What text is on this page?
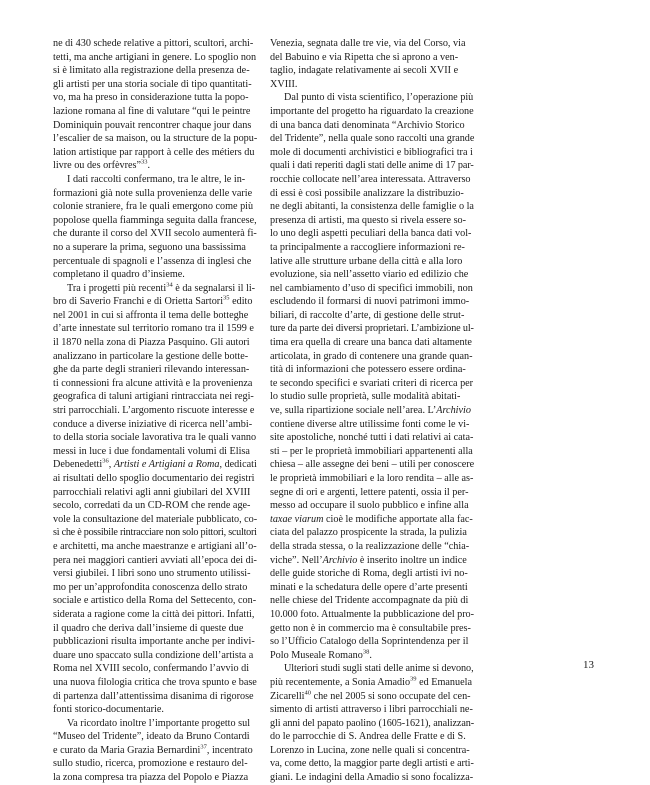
ne di 430 schede relative a pittori, scultori, archi-

tetti, ma anche artigiani in genere. Lo spoglio non

si è limitato alla registrazione della presenza de-

gli artisti per una storia sociale di tipo quantitati-

vo, ma ha preso in considerazione tutta la popo-

lazione romana al fine di valutare “qui le peintre

Dominiquin pouvait rencontrer chaque jour dans

l’escalier de sa maison, ou la structure de la popu-

lation artistique par rapport à celle des métiers du

livre ou des orfèvres”$^{33}$.

I dati raccolti confermano, tra le altre, le in-

formazioni già note sulla provenienza delle varie

colonie straniere, fra le quali emergono come più

popolose quella fiamminga seguita dalla francese,

che durante il corso del XVII secolo aumenterà fi-

no a superare la prima, seguono una bassissima

percentuale di spagnoli e l’assenza di inglesi che

completano il quadro d’insieme.

Tra i progetti più recenti$^{34}$ è da segnalarsi il li-

bro di Saverio Franchi e di Orietta Sartori$^{35}$ edito

nel 2001 in cui si affronta il tema delle botteghe

d’arte innestate sul territorio romano tra il 1599 e

il 1870 nella zona di Piazza Pasquino. Gli autori

analizzano in particolare la gestione delle botte-

ghe da parte degli stranieri rilevando interessan-

ti connessioni fra alcune attività e la provenienza

geografica di taluni artigiani rintracciata nei regi-

stri parrocchiali. L’argomento riscuote interesse e

conduce a diverse iniziative di ricerca nell’ambi-

to della storia sociale lavorativa tra le quali vanno

messi in luce i due fondamentali volumi di Elisa

Debenedetti$^{36}$, Artisti e Artigiani a Roma, dedicati

ai risultati dello spoglio documentario dei registri

parrocchiali relativi agli anni giubilari del XVIII

secolo, corredati da un CD-ROM che rende age-

vole la consultazione del materiale pubblicato, co-

sì che è possibile rintracciare non solo pittori, scultori

e architetti, ma anche maestranze e artigiani all’o-

pera nei maggiori cantieri avviati all’epoca dei di-

versi giubilei. I libri sono uno strumento utilissi-

mo per un’approfondita conoscenza dello strato

sociale e artistico della Roma del Settecento, con-

siderata a ragione come la città dei pittori. Infatti,

il quadro che deriva dall’insieme di queste due

pubblicazioni risulta importante anche per indivi-

duare uno spaccato sulla condizione dell’artista a

Roma nel XVIII secolo, confermando l’avvio di

una nuova filologia critica che trova spunto e base

di partenza dall’attentissima disanima di rigorose

fonti storico-documentarie.

Va ricordato inoltre l’importante progetto sul

“Museo del Tridente”, ideato da Bruno Contardi

e curato da Maria Grazia Bernardini$^{37}$, incentrato

sullo studio, ricerca, promozione e restauro del-

la zona compresa tra piazza del Popolo e Piazza

Venezia, segnata dalle tre vie, via del Corso, via

del Babuino e via Ripetta che si aprono a ven-

taglio, indagate relativamente ai secoli XVII e

XVIII.

Dal punto di vista scientifico, l’operazione più

importante del progetto ha riguardato la creazione

di una banca dati denominata “Archivio Storico

del Tridente”, nella quale sono raccolti una grande

mole di documenti archivistici e bibliografici tra i

quali i dati reperiti dagli stati delle anime di 17 par-

rocchie collocate nell’area interessata. Attraverso

di essi è così possibile analizzare la distribuzio-

ne degli abitanti, la consistenza delle famiglie o la

presenza di artisti, ma questo si rivela essere so-

lo uno degli aspetti peculiari della banca dati vol-

ta principalmente a raccogliere informazioni re-

lative alle strutture urbane della città e alla loro

evoluzione, sia nell’assetto viario ed edilizio che

nel cambiamento d’uso di specifici immobili, non

escludendo il formarsi di nuovi patrimoni immo-

biliari, di raccolte d’arte, di gestione delle strut-

ture da parte dei diversi proprietari. L’ambizione ul-

tima era quella di creare una banca dati altamente

articolata, in grado di contenere una grande quan-

tità di informazioni che potessero essere ordina-

te secondo specifici e svariati criteri di ricerca per

lo studio sulle proprietà, sulle modalità abitati-

ve, sulla ripartizione sociale nell’area. L’Archivio

contiene diverse altre utilissime fonti come le vi-

site apostoliche, nonché tutti i dati relativi ai cata-

sti – per le proprietà immobiliari appartenenti alla

chiesa – alle assegne dei beni – utili per conoscere

le proprietà immobiliari e la loro rendita – alle as-

segne di ori e argenti, lettere patenti, ossia il per-

messo ad occupare il suolo pubblico e infine alla

taxae viarum cioè le modifiche apportate alla fac-

ciata del palazzo prospicente la strada, la pulizia

della strada stessa, o la realizzazione delle “chia-

viche”. Nell’Archivio è inserito inoltre un indice

delle guide storiche di Roma, degli artisti ivi no-

minati e la schedatura delle opere d’arte presenti

nelle chiese del Tridente accompagnate da più di

10.000 foto. Attualmente la pubblicazione del pro-

getto non è in commercio ma è consultabile pres-

so l’Ufficio Catalogo della Soprintendenza per il

Polo Museale Romano$^{38}$.

Ulteriori studi sugli stati delle anime si devono,

più recentemente, a Sonia Amadio$^{39}$ ed Emanuela

Zicarelli$^{40}$ che nel 2005 si sono occupate del cen-

simento di artisti attraverso i libri parrocchiali ne-

gli anni del papato paolino (1605-1621), analizzan-

do le parrocchie di S. Andrea delle Fratte e di S.

Lorenzo in Lucina, zone nelle quali si concentra-

va, come detto, la maggior parte degli artisti e arti-

giani. Le indagini della Amadio si sono focalizza-

13
